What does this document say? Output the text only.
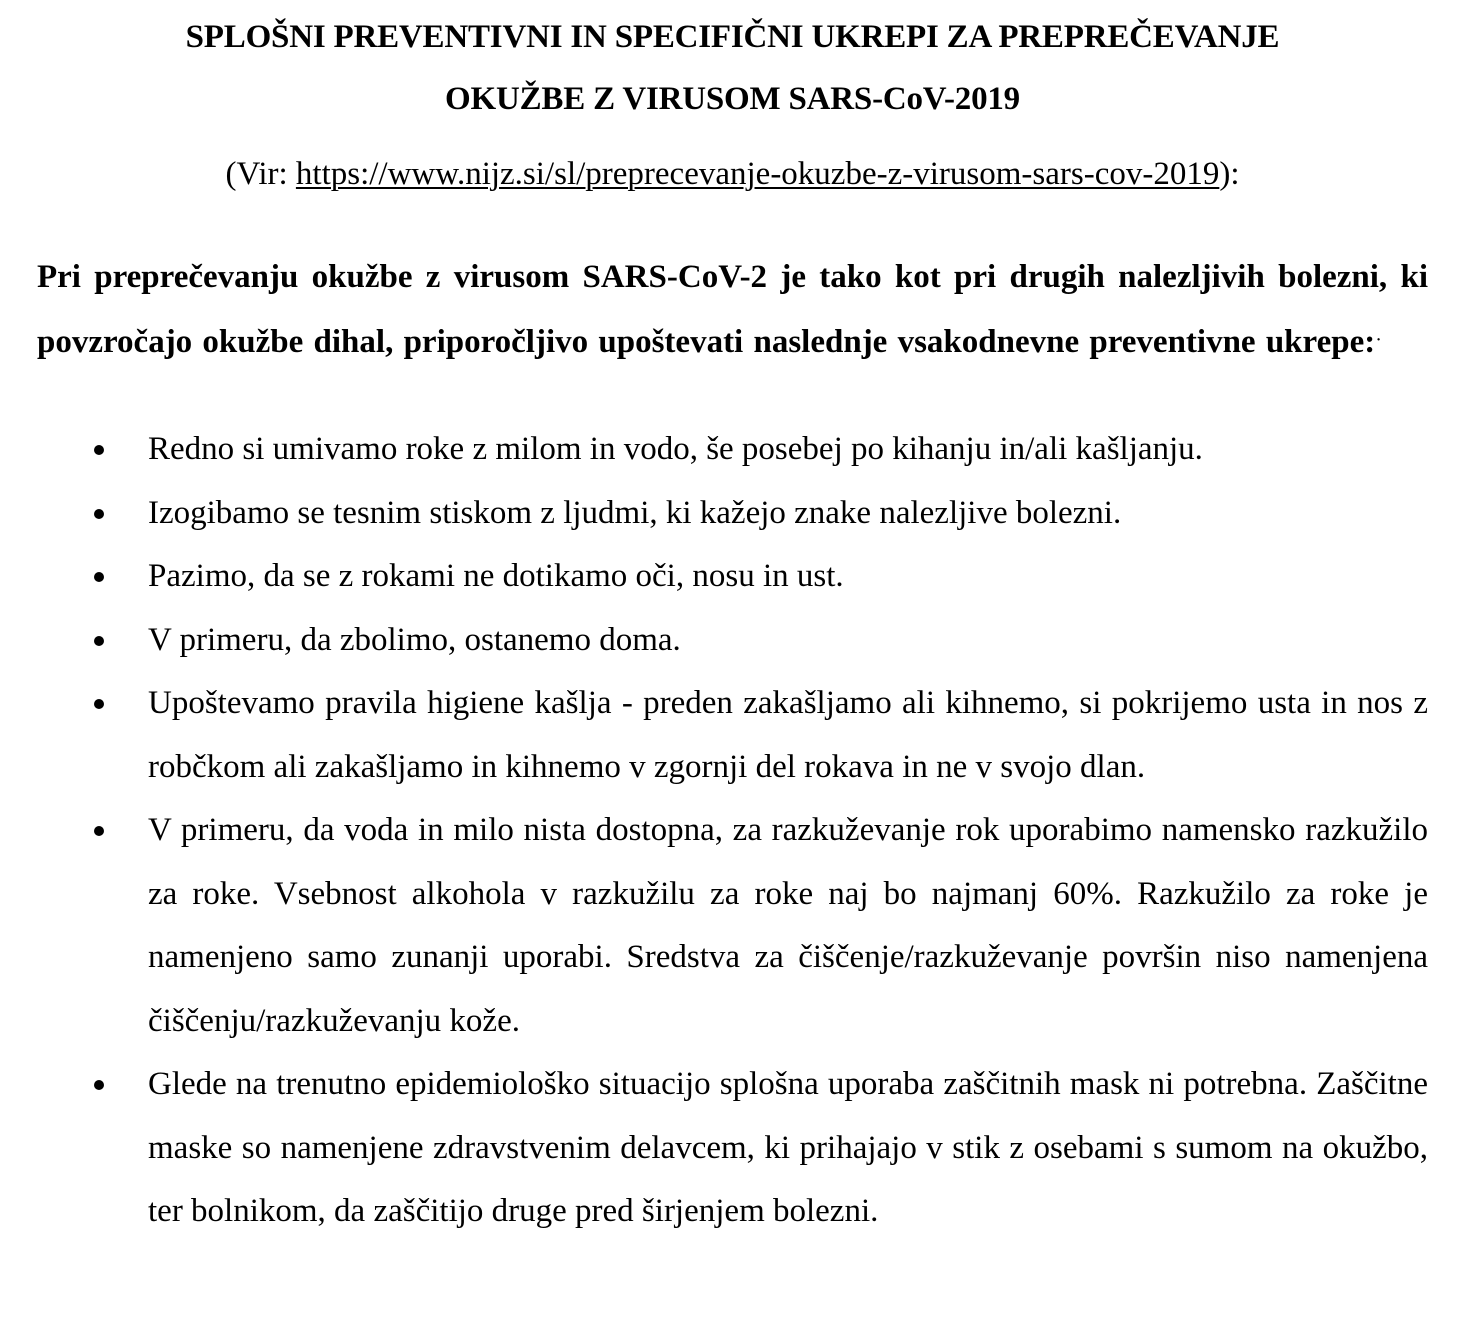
SPLOŠNI PREVENTIVNI IN SPECIFIČNI UKREPI ZA PREPREČEVANJE
OKUŽBE Z VIRUSOM SARS-CoV-2019

(Vir: https://www.nijz.si/sl/preprecevanje-okuzbe-z-virusom-sars-cov-2019):

Pri preprečevanju okužbe z virusom SARS-CoV-2 je tako kot pri drugih nalezljivih bolezni, ki povzročajo okužbe dihal, priporočljivo upoštevati naslednje vsakodnevne preventivne ukrepe:·

Redno si umivamo roke z milom in vodo, še posebej po kihanju in/ali kašljanju.
Izogibamo se tesnim stiskom z ljudmi, ki kažejo znake nalezljive bolezni.
Pazimo, da se z rokami ne dotikamo oči, nosu in ust.
V primeru, da zbolimo, ostanemo doma.
Upoštevamo pravila higiene kašlja - preden zakašljamo ali kihnemo, si pokrijemo usta in nos z robčkom ali zakašljamo in kihnemo v zgornji del rokava in ne v svojo dlan.
V primeru, da voda in milo nista dostopna, za razkuževanje rok uporabimo namensko razkužilo za roke. Vsebnost alkohola v razkužilu za roke naj bo najmanj 60%. Razkužilo za roke je namenjeno samo zunanji uporabi. Sredstva za čiščenje/razkuževanje površin niso namenjena čiščenju/razkuževanju kože.
Glede na trenutno epidemiološko situacijo splošna uporaba zaščitnih mask ni potrebna. Zaščitne maske so namenjene zdravstvenim delavcem, ki prihajajo v stik z osebami s sumom na okužbo, ter bolnikom, da zaščitijo druge pred širjenjem bolezni.
